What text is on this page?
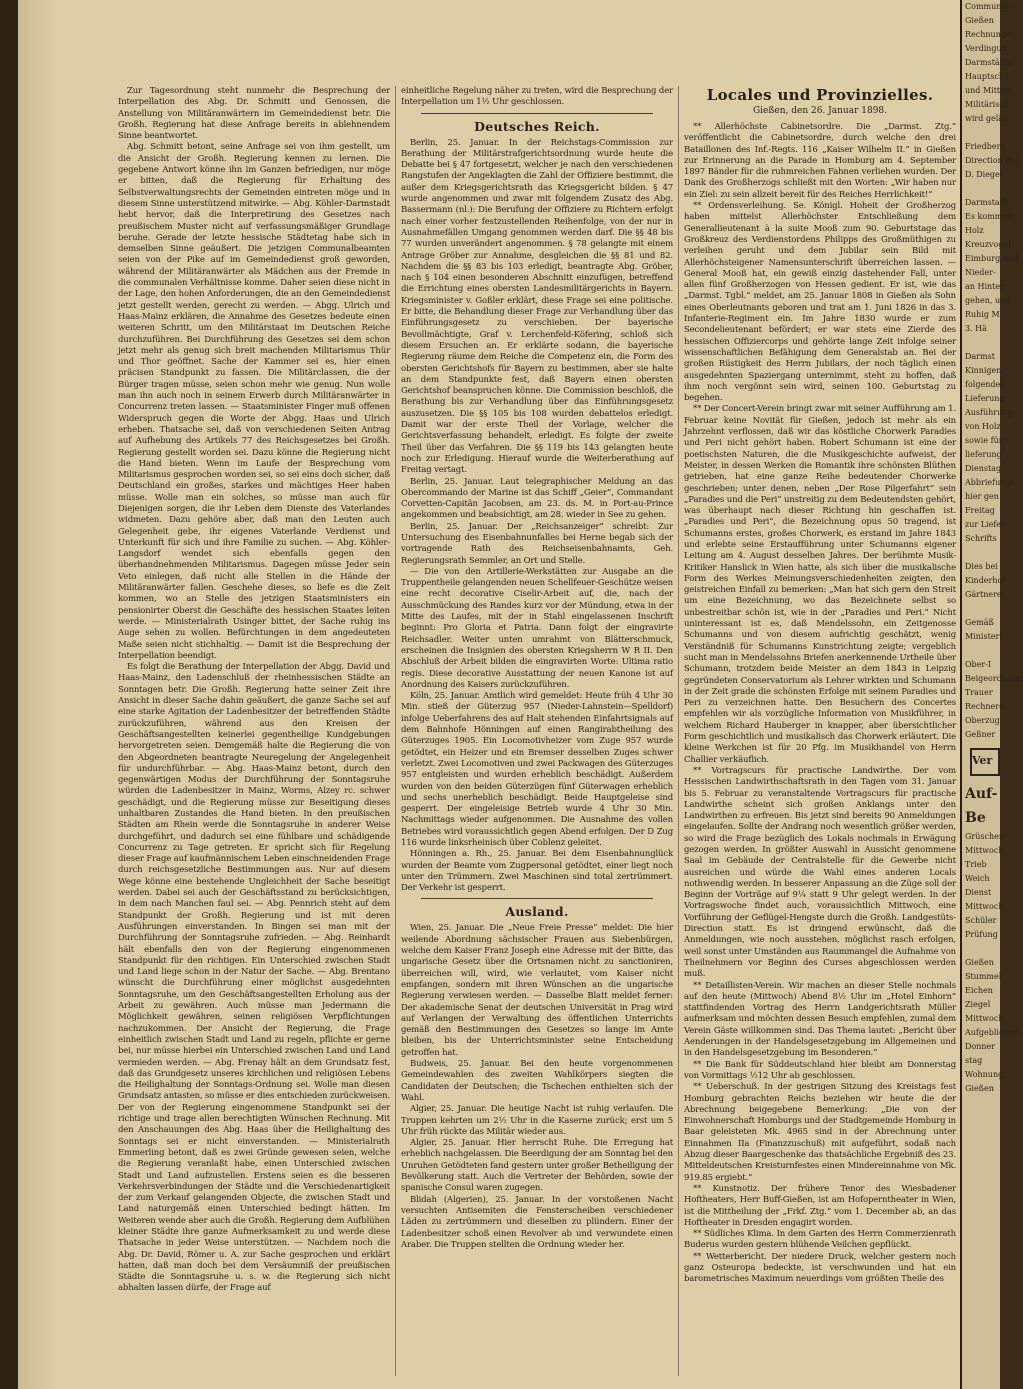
Zur Tagesordnung steht nunmehr die Besprechung der Interpellation des Abg. Dr. Schmitt und Genossen, die Anstellung von Militäranwärtern im Gemeindedienst betr. Die Großh. Regierung hat diese Anfrage bereits in ablehnendem Sinne beantwortet.

Abg. Schmitt betont, seine Anfrage sei von ihm gestellt, um die Ansicht der Großh. Regierung kennen zu lernen. Die gegebene Antwort könne ihn im Ganzen befriedigen, nur möge er bitten, daß die Regierung für Erhaltung des Selbstverwaltungsrechts der Gemeinden eintreten möge und in diesem Sinne unterstützend mitwirke. — Abg. Köhler-Darmstadt hebt hervor, daß die Interpretirung des Gesetzes nach preußischem Muster nicht auf verfassungsmäßiger Grundlage beruhe. Gerade der letzte hessische Städtetag habe sich in demselben Sinne geäußert. Die jetzigen Communalbeamten seien von der Pike auf im Gemeindedienst groß geworden, während der Militäranwärter als Mädchen aus der Fremde in die communalen Verhältnisse komme. Daher seien diese nicht in der Lage, den hohen Anforderungen, die an den Gemeindedienst jetzt gestellt werden, gerecht zu werden. — Abgg. Ulrich und Haas-Mainz erklären, die Annahme des Gesetzes bedeute einen weiteren Schritt, um den Militärstaat im Deutschen Reiche durchzuführen. Bei Durchführung des Gesetzes sei dem schon jetzt mehr als genug sich breit machenden Militarismus Thür und Thor geöffnet. Sache der Kammer sei es, hier einen präcisen Standpunkt zu fassen. Die Militärclassen, die der Bürger tragen müsse, seien schon mehr wie genug. Nun wolle man ihn auch noch in seinem Erwerb durch Militäranwärter in Concurrenz treten lassen. — Staatsminister Finger muß offenen Widerspruch gegen die Worte der Abgg. Haas und Ulrich erheben. Thatsache sei, daß von verschiedenen Seiten Antrag auf Aufhebung des Artikels 77 des Reichsgesetzes bei Großh. Regierung gestellt worden sei. Dazu könne die Regierung nicht die Hand bieten. Wenn im Laufe der Besprechung vom Militarismus gesprochen worden sei, so sei eins doch sicher, daß Deutschland ein großes, starkes und mächtiges Heer haben müsse. Wolle man ein solches, so müsse man auch für Diejenigen sorgen, die ihr Leben dem Dienste des Vaterlandes widmeten. Dazu gehöre aber, daß man den Leuten auch Gelegenheit gebe, ihr eigenes Vaterlande Verdienst und Unterkunft für sich und ihre Familie zu suchen. — Abg. Köhler-Langsdorf wendet sich ebenfalls gegen den überhandnehmenden Militarismus. Dagegen müsse Jeder sein Veto einlegen, daß nicht alle Stellen in die Hände der Militäranwärter fallen. Geschehe dieses, so liefe es die Zeit kommen, wo an Stelle des jetzigen Staatsministers ein pensionirter Oberst die Geschäfte des hessischen Staates leiten werde. — Ministerialrath Usinger bittet, der Sache ruhig ins Auge sehen zu wollen. Befürchtungen in dem angedeuteten Maße seien nicht stichhaltig. — Damit ist die Besprechung der Interpellation beendigt.

Es folgt die Berathung der Interpellation der Abgg. David und Haas-Mainz, den Ladenschluß der rheinhessischen Städte an Sonntagen betr. Die Großh. Regierung hatte seiner Zeit ihre Ansicht in dieser Sache dahin geäußert, die ganze Sache sei auf eine starke Agitation der Ladenbesitzer der betreffenden Städte zurückzuführen, während aus den Kreisen der Geschäftsangestellten keinerlei gegentheilige Kundgebungen hervorgetreten seien. Demgemäß halte die Regierung die von den Abgeordneten beantragte Neuregelung der Angelegenheit für undurchführbar. — Abg. Haas-Mainz betont, durch den gegenwärtigen Modus der Durchführung der Sonntagsruhe würden die Ladenbesitzer in Mainz, Worms, Alzey rc. schwer geschädigt, und die Regierung müsse zur Beseitigung dieses unhaltbaren Zustandes die Hand bieten. In den preußischen Städten am Rhein werde die Sonntagsruhe in anderer Weise durchgeführt, und dadurch sei eine fühlbare und schädigende Concurrenz zu Tage getreten. Er spricht sich für Regelung dieser Frage auf kaufmännischem Leben einschneidenden Frage durch reichsgesetzliche Bestimmungen aus. Nur auf diesem Wege könne eine bestehende Ungleichheit der Sache beseitigt werden. Dabei sei auch der Geschäftsstand zu berücksichtigen, in dem nach Manchen faul sei. — Abg. Pennrich steht auf dem Standpunkt der Großh. Regierung und ist mit deren Ausführungen einverstanden. In Bingen sei man mit der Durchführung der Sonntagsruhe zufrieden. — Abg. Reinhardt hält ebenfalls den von der Regierung eingenommenen Standpunkt für den richtigen. Ein Unterschied zwischen Stadt und Land liege schon in der Natur der Sache. — Abg. Brentano wünscht die Durchführung einer möglichst ausgedehnten Sonntagsruhe, um den Geschäftsangestellten Erholung aus der Arbeit zu gewähren. Auch müsse man Jedermann die Möglichkeit gewähren, seinen religiösen Verpflichtungen nachzukommen. Der Ansicht der Regierung, die Frage einheitlich zwischen Stadt und Land zu regeln, pflichte er gerne bei, nur müsse hierbei ein Unterschied zwischen Land und Land vermieden werden. — Abg. Frenay hält an dem Grundsatz fest, daß das Grundgesetz unseres kirchlichen und religiösen Lebens die Heilighaltung der Sonntags-Ordnung sei. Wolle man diesen Grundsatz antasten, so müsse er dies entschieden zurückweisen. Der von der Regierung eingenommene Standpunkt sei der richtige und trage allen berechtigten Wünschen Rechnung. Mit den Anschauungen des Abg. Haas über die Heilighaltung des Sonntags sei er nicht einverstanden. — Ministerialrath Emmerling betont, daß es zwei Gründe gewesen seien, welche die Regierung veranlaßt habe, einen Unterschied zwischen Stadt und Land aufzustellen. Erstens seien es die besseren Verkehrsverbindungen der Städte und die Verschiedenartigkeit der zum Verkauf gelangenden Objecte, die zwischen Stadt und Land naturgemäß einen Unterschied bedingt hätten. Im Weiteren wende aber auch die Großh. Regierung dem Aufblühen kleiner Städte ihre ganze Aufmerksamkeit zu und werde diese Thatsache in jeder Weise unterstützen. — Nachdem noch die Abg. Dr. David, Römer u. A. zur Sache gesprochen und erklärt hatten, daß man doch bei dem Versäumniß der preußischen Städte die Sonntagsruhe u. s. w. die Regierung sich nicht abhalten lassen dürfe, der Frage auf

einheitliche Regelung näher zu treten, wird die Besprechung der Interpellation um 1½ Uhr geschlossen.

Deutsches Reich.

Berlin, 25. Januar. In der Reichstags-Commission zur Berathung der Militärstrafgerichtsordnung wurde heute die Debatte bei § 47 fortgesetzt, welcher je nach den verschiedenen Rangstufen der Angeklagten die Zahl der Offiziere bestimmt, die außer dem Kriegsgerichtsrath das Kriegsgericht bilden. § 47 wurde angenommen und zwar mit folgendem Zusatz des Abg. Bassermann (nl.): Die Berufung der Offiziere zu Richtern erfolgt nach einer vorher festzustellenden Reihenfolge, von der nur in Ausnahmefällen Umgang genommen werden darf. Die §§ 48 bis 77 wurden unverändert angenommen. § 78 gelangte mit einem Antrage Gröber zur Annahme, desgleichen die §§ 81 und 82. Nachdem die §§ 83 bis 103 erledigt, beantragte Abg. Gröber, nach § 104 einen besonderen Abschnitt einzufügen, betreffend die Errichtung eines obersten Landesmilitärgerichts in Bayern. Kriegsminister v. Goßler erklärt, diese Frage sei eine politische. Er bitte, die Behandlung dieser Frage zur Verhandlung über das Einführungsgesetz zu verschieben. Der bayerische Bevollmächtigte, Graf v. Lerchenfeld-Köfering, schloß sich diesem Ersuchen an. Er erklärte sodann, die bayerische Regierung räume dem Reiche die Competenz ein, die Form des obersten Gerichtshofs für Bayern zu bestimmen, aber sie halte an dem Standpunkte fest, daß Bayern einen obersten Gerichtshof beanspruchen könne. Die Commission beschloß, die Berathung bis zur Verhandlung über das Einführungsgesetz auszusetzen. Die §§ 105 bis 108 wurden debattelos erledigt. Damit war der erste Theil der Vorlage, welcher die Gerichtsverfassung behandelt, erledigt. Es folgte der zweite Theil über das Verfahren. Die §§ 119 bis 143 gelangten heute noch zur Erledigung. Hierauf wurde die Weiterberathung auf Freitag vertagt.

Berlin, 25. Januar. Laut telegraphischer Meldung an das Obercommando der Marine ist das Schiff „Geier“, Commandant Corvetten-Capitän Jacobsen, am 23. ds. M. in Port-au-Prince angekommen und beabsichtigt, am 28. wieder in See zu gehen.

Berlin, 25. Januar. Der „Reichsanzeiger“ schreibt: Zur Untersuchung des Eisenbahnunfalles bei Herne begab sich der vortragende Rath des Reichseisenbahnamts, Geh. Regierungsrath Semmler, an Ort und Stelle.

— Die von den Artillerie-Werkstätten zur Ausgabe an die Truppentheile gelangenden neuen Schellfeuer-Geschütze weisen eine recht decorative Ciselir-Arbeit auf, die, nach der Ausschmückung des Randes kurz vor der Mündung, etwa in der Mitte des Laufes, mit der in Stahl eingelassenen Inschrift beginnt: Pro Gloria et Patria. Dann folgt der eingravirte Reichsadler. Weiter unten umrahmt von Blätterschmuck, erscheinen die Insignien des obersten Kriegsherrn W R II. Den Abschluß der Arbeit bilden die eingravirten Worte: Ultima ratio regis. Diese decorative Ausstattung der neuen Kanone ist auf Anordnung des Kaisers zurückzuführen.

Köln, 25. Januar. Amtlich wird gemeldet: Heute früh 4 Uhr 30 Min. stieß der Güterzug 957 (Nieder-Lahnstein—Spelldorf) infolge Ueberfahrens des auf Halt stehenden Einfahrtsignals auf dem Bahnhofe Hönningen auf einen Rangirabtheilung des Güterzuges 1905. Ein Locomotivheizer vom Zuge 957 wurde getödtet, ein Heizer und ein Bremser desselben Zuges schwer verletzt. Zwei Locomotiven und zwei Packwagen des Güterzuges 957 entgleisten und wurden erheblich beschädigt. Außerdem wurden von den beiden Güterzügen fünf Güterwagen erheblich und sechs unerheblich beschädigt. Beide Hauptgeleise sind gesperrt. Der eingeleisige Betrieb wurde 4 Uhr 30 Min. Nachmittags wieder aufgenommen. Die Ausnahme des vollen Betriebes wird voraussichtlich gegen Abend erfolgen. Der D Zug 116 wurde linksrheinisch über Coblenz geleitet.

Hönningen a. Rh., 25. Januar. Bei dem Eisenbahnunglück wurden der Beamte vom Zugpersonal getödtet, einer liegt noch unter den Trümmern. Zwei Maschinen sind total zertrümmert. Der Verkehr ist gesperrt.

Ausland.

Wien, 25. Januar. Die „Neue Freie Presse“ meldet: Die hier weilende Abordnung sächsischer Frauen aus Siebenbürgen, welche dem Kaiser Franz Joseph eine Adresse mit der Bitte, das ungarische Gesetz über die Ortsnamen nicht zu sanctioniren, überreichen will, wird, wie verlautet, vom Kaiser nicht empfangen, sondern mit ihren Wünschen an die ungarische Regierung verwiesen werden. — Dasselbe Blatt meldet ferner: Der akademische Senat der deutschen Universität in Prag wird auf Verlangen der Verwaltung des öffentlichen Unterrichts gemäß den Bestimmungen des Gesetzes so lange im Amte bleiben, bis der Unterrichtsminister seine Entscheidung getroffen hat.

Budweis, 25. Januar. Bei den heute vorgenommenen Gemeindewahlen des zweiten Wahlkörpers siegten die Candidaten der Deutschen; die Tschechen enthielten sich der Wahl.

Algier, 25. Januar. Die heutige Nacht ist ruhig verlaufen. Die Truppen kehrten um 2½ Uhr in die Kaserne zurück; erst um 5 Uhr früh rückte das Militär wieder aus.

Algier, 25. Januar. Hier herrscht Ruhe. Die Erregung hat erheblich nachgelassen. Die Beerdigung der am Sonntag bei den Unruhen Getödteten fand gestern unter großer Betheiligung der Bevölkerung statt. Auch die Vertreter der Behörden, sowie der spanische Consul waren zugegen.

Blidah (Algerien), 25. Januar. In der vorstoßenen Nacht versuchten Antisemiten die Fensterscheiben verschiedener Läden zu zertrümmern und dieselben zu plündern. Einer der Ladenbesitzer schoß einen Revolver ab und verwundete einen Araber. Die Truppen stellten die Ordnung wieder her.

Locales und Provinzielles.
Gießen, den 26. Januar 1898.

** Allerhöchste Cabinetsordre. Die „Darmst. Ztg.“ veröffentlicht die Cabinetsordre, durch welche den drei Bataillonen des Inf.-Regts. 116 „Kaiser Wilhelm II.“ in Gießen zur Erinnerung an die Parade in Homburg am 4. September 1897 Bänder für die ruhmreichen Fahnen verliehen wurden. Der Dank des Großherzogs schließt mit den Worten: „Wir haben nur ein Ziel: zu sein allzeit bereit für des Reiches Herrlichkeit!“

** Ordensverleihung. Se. Königl. Hoheit der Großherzog haben mittelst Allerhöchster Entschließung dem Generallieutenant à la suite Mooß zum 90. Geburtstage das Großkreuz des Verdienstordens Philipps des Großmüthigen zu verleihen geruht und dem Jubilar sein Bild mit Allerhöchsteigener Namensunterschrift überreichen lassen. — General Mooß hat, ein gewiß einzig dastehender Fall, unter allen fünf Großherzogen von Hessen gedient. Er ist, wie das „Darmst. Tgbl.“ meldet, am 25. Januar 1808 in Gießen als Sohn eines Oberleutnants geboren und trat am 1. Juni 1826 in das 3. Infanterie-Regiment ein. Im Jahre 1830 wurde er zum Secondelieutenant befördert; er war stets eine Zierde des hessischen Offiziercorps und gehörte lange Zeit infolge seiner wissenschaftlichen Befähigung dem Generalstab an. Bei der großen Rüstigkeit des Herrn Jubilars, der noch täglich einen ausgedehnten Spaziergang unternimmt, steht zu hoffen, daß ihm noch vergönnt sein wird, seinen 100. Geburtstag zu begehen.

** Der Concert-Verein bringt zwar mit seiner Aufführung am 1. Februar keine Novität für Gießen, jedoch ist mehr als ein Jahrzehnt verflossen, daß wir das köstliche Chorwerk Paradies und Peri nicht gehört haben. Robert Schumann ist eine der poetischsten Naturen, die die Musikgeschichte aufweist, der Meister, in dessen Werken die Romantik ihre schönsten Blüthen getrieben, hat eine ganze Reihe bedeutender Chorwerke geschrieben; unter denen, neben „Der Rose Pilgerfahrt“ sein „Paradies und die Peri“ unstreitig zu dem Bedeutendsten gehört, was überhaupt nach dieser Richtung hin geschaffen ist. „Paradies und Peri“, die Bezeichnung opus 50 tragend, ist Schumanns erstes, großes Chorwerk, es erstand im Jahre 1843 und erlebte seine Erstaufführung unter Schumanns eigener Leitung am 4. August desselben Jahres. Der berühmte Musik-Kritiker Hanslick in Wien hatte, als sich über die musikalische Form des Werkes Meinungsverschiedenheiten zeigten, den geistreichen Einfall zu bemerken: „Man hat sich gern den Streit um eine Bezeichnung, wo das Bezeichnete selbst so unbestreitbar schön ist, wie in der „Paradies und Peri.“ Nicht uninteressant ist es, daß Mendelssohn, ein Zeitgenosse Schumanns und von diesem aufrichtig geschätzt, wenig Verständniß für Schumanns Kunstrichtung zeigte; vergeblich sucht man in Mendelssohns Briefen anerkennende Urtheile über Schumann, trotzdem beide Meister an dem 1843 in Leipzig gegründeten Conservatorium als Lehrer wirkten und Schumann in der Zeit grade die schönsten Erfolge mit seinem Paradies und Peri zu verzeichnen hatte. Den Besuchern des Concertes empfehlen wir als vorzügliche Information von Musikführer, in welchem Richard Hauberger in knapper, aber übersichtlicher Form geschichtlich und musikalisch das Chorwerk erläutert. Die kleine Werkchen ist für 20 Pfg. im Musikhandel von Herrn Challier verkäuflich.

** Vortragscurs für practische Landwirthe. Der vom Hessischen Landwirthschaftsrath in den Tagen vom 31. Januar bis 5. Februar zu veranstaltende Vortragscurs für practische Landwirthe scheint sich großen Anklangs unter den Landwirthen zu erfreuen. Bis jetzt sind bereits 90 Anmeldungen eingelaufen. Sollte der Andrang noch wesentlich größer werden, so wird die Frage bezüglich des Lokals nochmals in Erwägung gezogen werden. In größter Auswahl in Aussicht genommene Saal im Gebäude der Centralstelle für die Gewerbe nicht ausreichen und würde die Wahl eines anderen Locals nothwendig werden. In besserer Anpassung an die Züge soll der Beginn der Vorträge auf 9¼ statt 9 Uhr gelegt werden. In der Vortragswoche findet auch, voraussichtlich Mittwoch, eine Vorführung der Geflügel-Hengste durch die Großh. Landgestüts-Direction statt. Es ist dringend erwünscht, daß die Anmeldungen, wie noch ausstehen, möglichst rasch erfolgen, weil sonst unter Umständen aus Raummangel die Aufnahme von Theilnehmern vor Beginn des Curses abgeschlossen werden muß.

** Detaillisten-Verein. Wir machen an dieser Stelle nochmals auf den heute (Mittwoch) Abend 8½ Uhr im „Hotel Einhorn“ stattfindenden Vortrag des Herrn Landgerichtsrath Müller aufmerksam und möchten dessen Besuch empfehlen, zumal dem Verein Gäste willkommen sind. Das Thema lautet: „Bericht über Aenderungen in der Handelsgesetzgebung im Allgemeinen und in den Handelsgesetzgebung im Besonderen.“

** Die Bank für Süddeutschland hier bleibt am Donnerstag von Vormittags ½12 Uhr ab geschlossen.

** Ueberschuß. In der gestrigen Sitzung des Kreistags fest Homburg gebrachten Reichs beziehen wir heute die der Abrechnung beigegebene Bemerkung: „Die von der Einwohnerschaft Homburgs und der Stadtgemeinde Homburg in Baar geleisteten Mk. 4965 sind in der Abrechnung unter Einnahmen IIa (Finanzzuschuß) mit aufgeführt, sodaß nach Abzug dieser Baargeschenke das thatsächliche Ergebniß des 23. Mitteldeutschen Kreisturnfestes einen Mindereinnahme von Mk. 919.85 ergiebt.“

** Kunstnotiz. Der frühere Tenor des Wiesbadener Hoftheaters, Herr Buff-Gießen, ist am Hofoperntheater in Wien, ist die Mittheilung der „Frkf. Ztg.“ vom 1. December ab, an das Hoftheater in Dresden engagirt worden.

** Südliches Klima. In dem Garten des Herrn Commerzienrath Buderus wurden gestern blühende Veilchen gepflückt.

** Wetterbericht. Der niedere Druck, welcher gestern noch ganz Osteuropa bedeckte, ist verschwunden und hat ein barometrisches Maximum neuerdings vom größten Theile des

Communal-
Gießen
Rechnungs
Verdingun
Darmstädte
Hauptschü
und Mittwo
Militärisch
wird geläu

Friedberg
Direction des
D. Diegel

Darmstadt
Es kommen
Holz
Kreuzvogel
Eimburg und
Nieder-
an Hinter
gehen, und
Ruhig M
3. Hä

Darmst
Kinnigen
folgenden
Lieferung
Ausführung
von Holz
sowie für
lieferung
Dienstag
Abbriefungs
hier gen
Freitag
zur Liefer
Schrifts

Dies bei
Kinderhof
Gärtnerei

Gemäß
Ministeri

Ober-I
Beigeordneter
Trauer
Rechnerei
Oberzug
Geßner
Ver
Auf-
Be
Grüschen
Mittwoch
Trieb
Weich
Dienst
Mittwoch
Schüler
Prüfung

Gießen
Stummel
Eichen
Ziegel
Mittwoch
Aufgeblieben
Donner
stag
Wohnung
Gießen
